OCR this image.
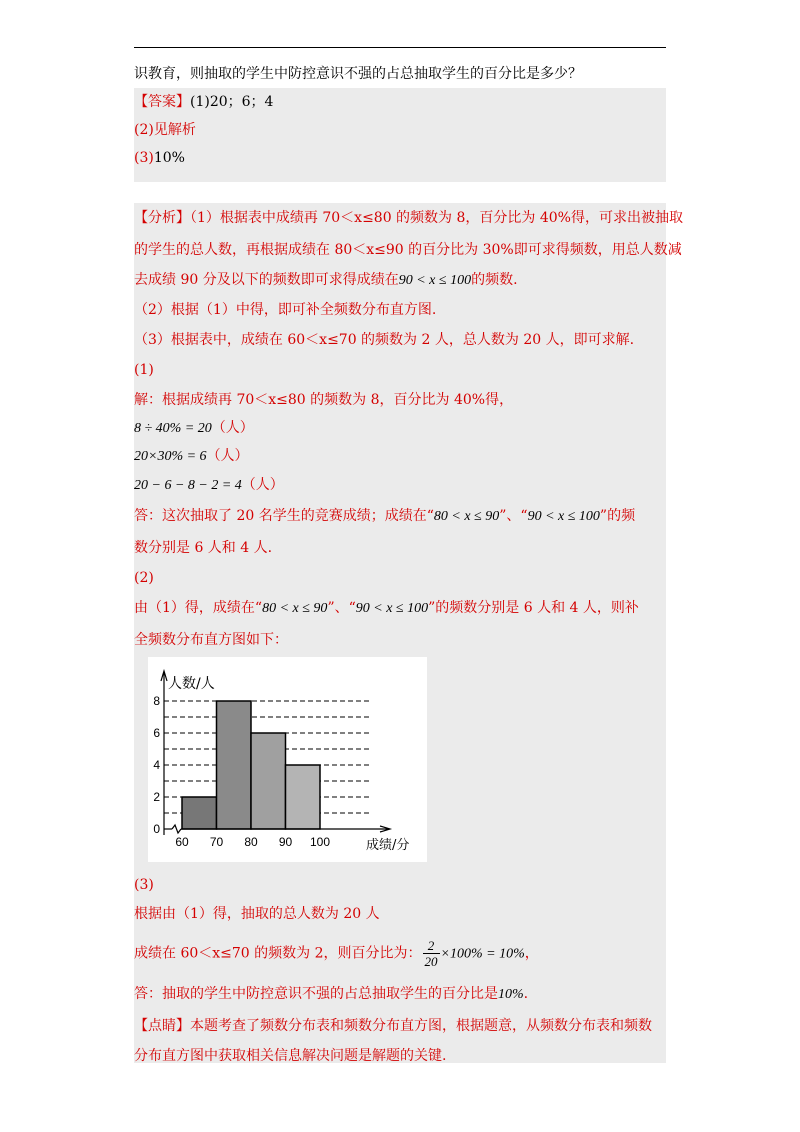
识教育，则抽取的学生中防控意识不强的占总抽取学生的百分比是多少？
【答案】(1)20；6；4
(2)见解析
(3)10%
【分析】（1）根据表中成绩再 70＜x≤80 的频数为 8，百分比为 40%得，可求出被抽取
的学生的总人数，再根据成绩在 80＜x≤90 的百分比为 30%即可求得频数，用总人数减
去成绩 90 分及以下的频数即可求得成绩在90 < x ≤ 100的频数.
（2）根据（1）中得，即可补全频数分布直方图.
（3）根据表中，成绩在 60＜x≤70 的频数为 2 人，总人数为 20 人，即可求解.
(1)
解：根据成绩再 70＜x≤80 的频数为 8，百分比为 40%得，
8 ÷ 40% = 20（人）
20×30% = 6（人）
20 − 6 − 8 − 2 = 4（人）
答：这次抽取了 20 名学生的竞赛成绩；成绩在“80 < x ≤ 90”、“90 < x ≤ 100”的频
数分别是 6 人和 4 人.
(2)
由（1）得，成绩在“80 < x ≤ 90”、“90 < x ≤ 100”的频数分别是 6 人和 4 人，则补
全频数分布直方图如下：
0
2
4
6
8
60 70 80 90 100
人数/人
成绩/分
(3)
根据由（1）得，抽取的总人数为 20 人
成绩在 60＜x≤70 的频数为 2，则百分比为： $\frac{2}{20} \times 100\% = 10\%$，
答：抽取的学生中防控意识不强的占总抽取学生的百分比是10%.
【点睛】本题考查了频数分布表和频数分布直方图，根据题意，从频数分布表和频数
分布直方图中获取相关信息解决问题是解题的关键.
